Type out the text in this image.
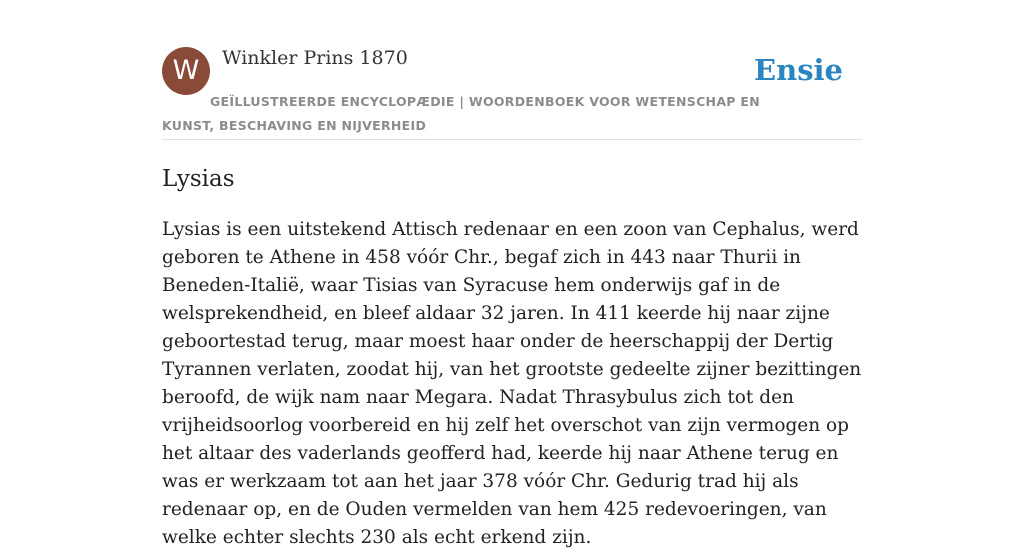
W	Winkler Prins 1870	Ensie
GEÏLLUSTREERDE ENCYCLOPÆDIE | WOORDENBOEK VOOR WETENSCHAP EN KUNST, BESCHAVING EN NIJVERHEID
Lysias

Lysias is een uitstekend Attisch redenaar en een zoon van Cephalus, werd geboren te Athene in 458 vóór Chr., begaf zich in 443 naar Thurii in Beneden-Italië, waar Tisias van Syracuse hem onderwijs gaf in de welsprekendheid, en bleef aldaar 32 jaren. In 411 keerde hij naar zijne geboortestad terug, maar moest haar onder de heerschappij der Dertig Tyrannen verlaten, zoodat hij, van het grootste gedeelte zijner bezittingen beroofd, de wijk nam naar Megara. Nadat Thrasybulus zich tot den vrijheidsoorlog voorbereid en hij zelf het overschot van zijn vermogen op het altaar des vaderlands geofferd had, keerde hij naar Athene terug en was er werkzaam tot aan het jaar 378 vóór Chr. Gedurig trad hij als redenaar op, en de Ouden vermelden van hem 425 redevoeringen, van welke echter slechts 230 als echt erkend zijn.
